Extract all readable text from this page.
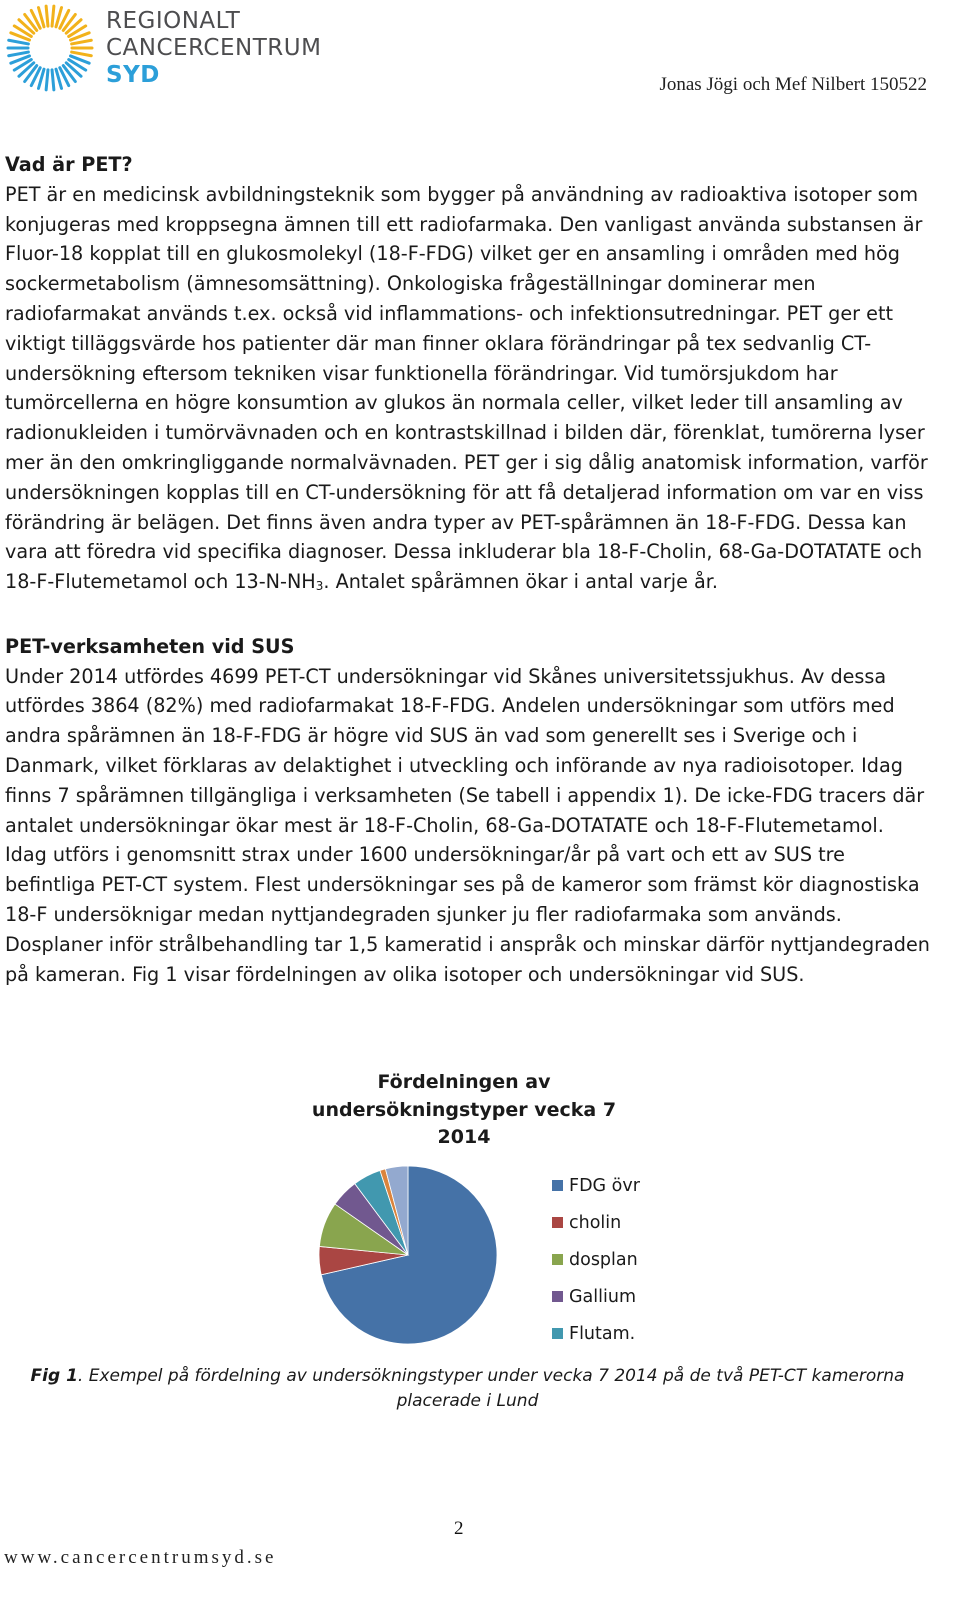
REGIONALT
CANCERCENTRUM
SYD	Jonas Jögi och Mef Nilbert 150522

Vad är PET?

PET är en medicinsk avbildningsteknik som bygger på användning av radioaktiva isotoper som konjugeras med kroppsegna ämnen till ett radiofarmaka. Den vanligast använda substansen är Fluor-18 kopplat till en glukosmolekyl (18-F-FDG) vilket ger en ansamling i områden med hög sockermetabolism (ämnesomsättning). Onkologiska frågeställningar dominerar men radiofarmakat används t.ex. också vid inflammations- och infektionsutredningar. PET ger ett viktigt tilläggsvärde hos patienter där man finner oklara förändringar på tex sedvanlig CT-undersökning eftersom tekniken visar funktionella förändringar. Vid tumörsjukdom har tumörcellerna en högre konsumtion av glukos än normala celler, vilket leder till ansamling av radionukleiden i tumörvävnaden och en kontrastskillnad i bilden där, förenklat, tumörerna lyser mer än den omkringliggande normalvävnaden. PET ger i sig dålig anatomisk information, varför undersökningen kopplas till en CT-undersökning för att få detaljerad information om var en viss förändring är belägen. Det finns även andra typer av PET-spårämnen än 18-F-FDG. Dessa kan vara att föredra vid specifika diagnoser. Dessa inkluderar bla 18-F-Cholin, 68-Ga-DOTATATE och 18-F-Flutemetamol och $13-N-NH_3$. Antalet spårämnen ökar i antal varje år.

PET-verksamheten vid SUS

Under 2014 utfördes 4699 PET-CT undersökningar vid Skånes universitetssjukhus. Av dessa utfördes 3864 (82%) med radiofarmakat 18-F-FDG. Andelen undersökningar som utförs med andra spårämnen än 18-F-FDG är högre vid SUS än vad som generellt ses i Sverige och i Danmark, vilket förklaras av delaktighet i utveckling och införande av nya radioisotoper. Idag finns 7 spårämnen tillgängliga i verksamheten (Se tabell i appendix 1). De icke-FDG tracers där antalet undersökningar ökar mest är 18-F-Cholin, 68-Ga-DOTATATE och 18-F-Flutemetamol. Idag utförs i genomsnitt strax under 1600 undersökningar/år på vart och ett av SUS tre befintliga PET-CT system. Flest undersökningar ses på de kameror som främst kör diagnostiska 18-F undersöknigar medan nyttjandegraden sjunker ju fler radiofarmaka som används. Dosplaner inför strålbehandling tar 1,5 kameratid i anspråk och minskar därför nyttjandegraden på kameran. Fig 1 visar fördelningen av olika isotoper och undersökningar vid SUS.

Fördelningen av
undersökningstyper vecka 7
2014
FDG övr
cholin
dosplan
Gallium
Flutam.
Fig 1. Exempel på fördelning av undersökningstyper under vecka 7 2014 på de två PET-CT kamerorna placerade i Lund
2
www.cancercentrumsyd.se
